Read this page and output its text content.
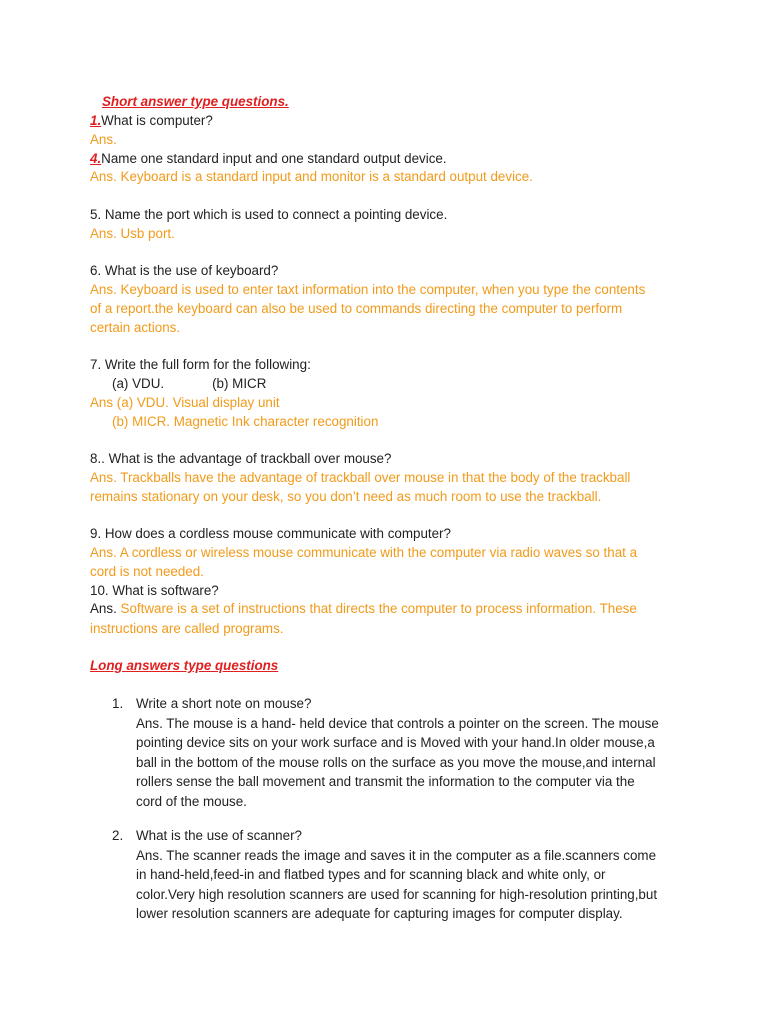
Short answer type questions.
1.What is computer?
Ans.
4.Name one standard input and one standard output device.
Ans. Keyboard is a standard input and monitor is a standard output device.
5. Name the port which is used to connect a pointing device.
Ans. Usb port.
6. What is the use of keyboard?
Ans. Keyboard is used to enter taxt information into the computer, when you type the contents
of a report.the keyboard can also be used to commands directing the computer to perform
certain actions.
7. Write the full form for the following:
(a) VDU.	(b) MICR
Ans (a) VDU. Visual display unit
(b) MICR. Magnetic Ink character recognition
8.. What is the advantage of trackball over mouse?
Ans. Trackballs have the advantage of trackball over mouse in that the body of the trackball
remains stationary on your desk, so you don’t need as much room to use the trackball.
9. How does a cordless mouse communicate with computer?
Ans. A cordless or wireless mouse communicate with the computer via radio waves so that a
cord is not needed.
10. What is software?
Ans. Software is a set of instructions that directs the computer to process information. These
instructions are called programs.
Long answers type questions
1. Write a short note on mouse?
Ans. The mouse is a hand- held device that controls a pointer on the screen. The mouse
pointing device sits on your work surface and is Moved with your hand.In older mouse,a
ball in the bottom of the mouse rolls on the surface as you move the mouse,and internal
rollers sense the ball movement and transmit the information to the computer via the
cord of the mouse.
2. What is the use of scanner?
Ans. The scanner reads the image and saves it in the computer as a file.scanners come
in hand-held,feed-in and flatbed types and for scanning black and white only, or
color.Very high resolution scanners are used for scanning for high-resolution printing,but
lower resolution scanners are adequate for capturing images for computer display.
